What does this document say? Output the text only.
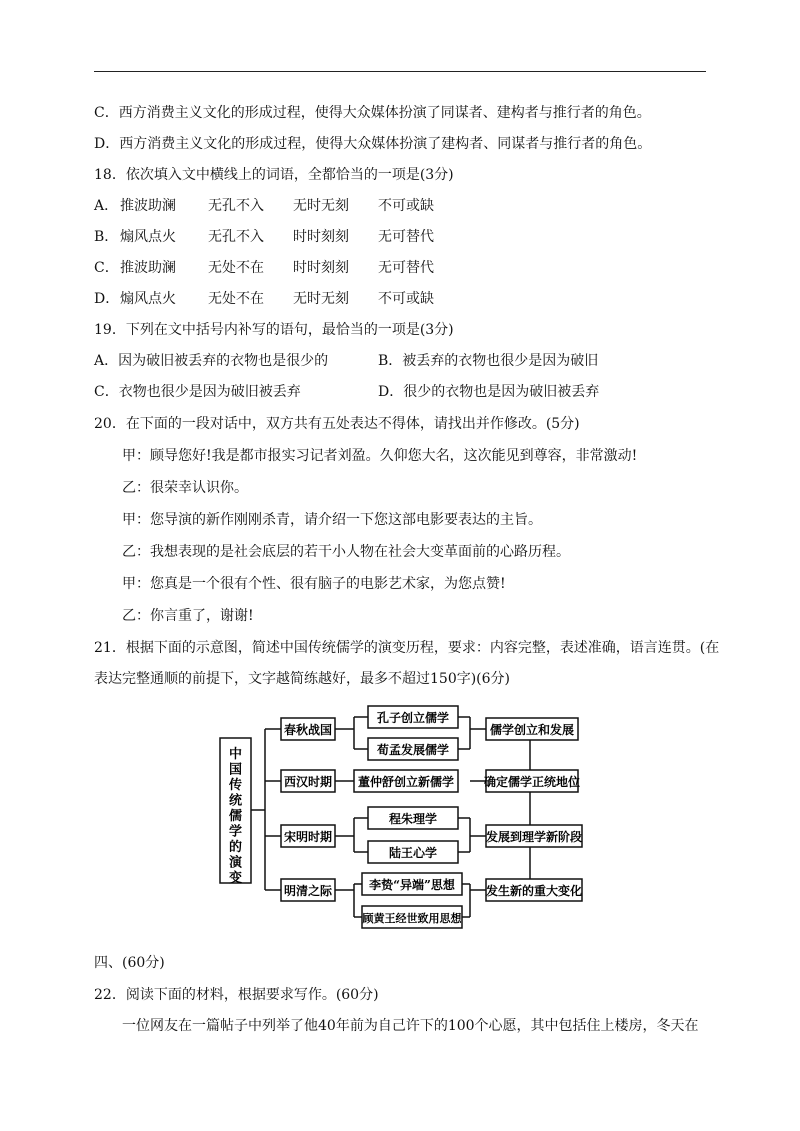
C．西方消费主义文化的形成过程，使得大众媒体扮演了同谋者、建构者与推行者的角色。
D．西方消费主义文化的形成过程，使得大众媒体扮演了建构者、同谋者与推行者的角色。
18．依次填入文中横线上的词语，全都恰当的一项是(3分)
A． 推波助澜 无孔不入 无时无刻 不可或缺
B． 煽风点火 无孔不入 时时刻刻 无可替代
C． 推波助澜 无处不在 时时刻刻 无可替代
D． 煽风点火 无处不在 无时无刻 不可或缺
19．下列在文中括号内补写的语句，最恰当的一项是(3分)
A．因为破旧被丢弃的衣物也是很少的	B．被丢弃的衣物也很少是因为破旧
C．衣物也很少是因为破旧被丢弃	D．很少的衣物也是因为破旧被丢弃
20．在下面的一段对话中，双方共有五处表达不得体，请找出并作修改。(5分)
甲：顾导您好!我是都市报实习记者刘盈。久仰您大名，这次能见到尊容，非常激动!
乙：很荣幸认识你。
甲：您导演的新作刚刚杀青，请介绍一下您这部电影要表达的主旨。
乙：我想表现的是社会底层的若干小人物在社会大变革面前的心路历程。
甲：您真是一个很有个性、很有脑子的电影艺术家，为您点赞!
乙：你言重了，谢谢!
21．根据下面的示意图，简述中国传统儒学的演变历程，要求：内容完整，表述准确，语言连贯。(在
表达完整通顺的前提下，文字越简练越好，最多不超过150字)(6分)
中国传统儒学的演变
春秋战国
西汉时期
宋明时期
明清之际
孔子创立儒学
荀孟发展儒学
董仲舒创立新儒学
程朱理学
陆王心学
李贽“异端”思想
顾黄王经世致用思想
儒学创立和发展
确定儒学正统地位
发展到理学新阶段
发生新的重大变化
四、(60分)
22．阅读下面的材料，根据要求写作。(60分)
一位网友在一篇帖子中列举了他40年前为自己许下的100个心愿，其中包括住上楼房，冬天在
